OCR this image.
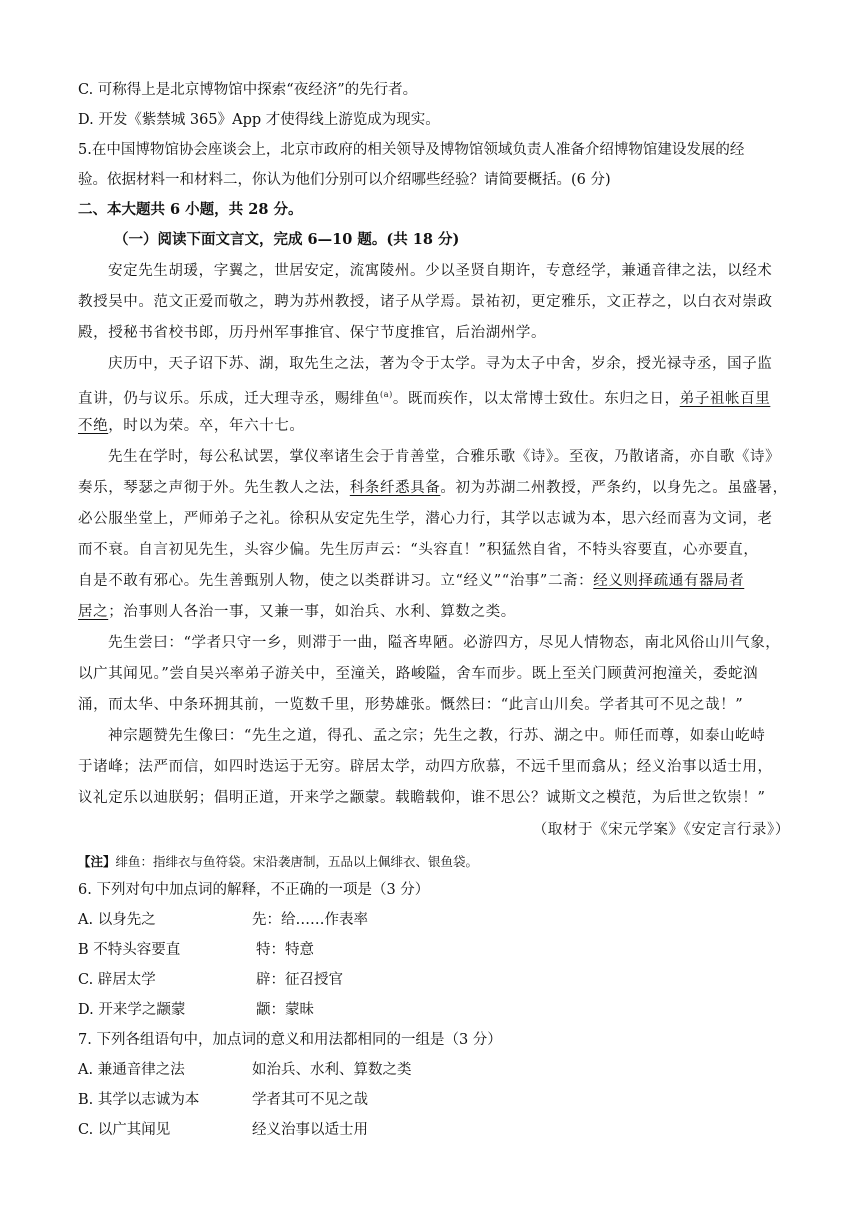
C. 可称得上是北京博物馆中探索“夜经济”的先行者。
D. 开发《紫禁城 365》App 才使得线上游览成为现实。
5.在中国博物馆协会座谈会上，北京市政府的相关领导及博物馆领域负责人准备介绍博物馆建设发展的经
验。依据材料一和材料二，你认为他们分别可以介绍哪些经验？请简要概括。(6 分)
二、本大题共 6 小题，共 28 分。
（一）阅读下面文言文，完成 6—10 题。(共 18 分)
安定先生胡瑗，字翼之，世居安定，流寓陵州。少以圣贤自期许，专意经学，兼通音律之法，以经术
教授吴中。范文正爱而敬之，聘为苏州教授，诸子从学焉。景祐初，更定雅乐，文正荐之，以白衣对崇政
殿，授秘书省校书郎，历丹州军事推官、保宁节度推官，后治湖州学。
庆历中，天子诏下苏、湖，取先生之法，著为令于太学。寻为太子中舍，岁余，授光禄寺丞，国子监
直讲，仍与议乐。乐成，迁大理寺丞，赐绯鱼$^{(a)}$。既而疾作，以太常博士致仕。东归之日，弟子祖帐百里
不绝，时以为荣。卒，年六十七。
先生在学时，每公私试罢，掌仪率诸生会于肯善堂，合雅乐歌《诗》。至夜，乃散诸斋，亦自歌《诗》
奏乐，琴瑟之声彻于外。先生教人之法，科条纤悉具备。初为苏湖二州教授，严条约，以身先之。虽盛暑，
必公服坐堂上，严师弟子之礼。徐积从安定先生学，潜心力行，其学以志诚为本，思六经而喜为文词，老
而不衰。自言初见先生，头容少偏。先生厉声云：“头容直！”积猛然自省，不特头容要直，心亦要直，
自是不敢有邪心。先生善甄别人物，使之以类群讲习。立“经义”“治事”二斋：经义则择疏通有器局者
居之；治事则人各治一事，又兼一事，如治兵、水利、算数之类。
先生尝曰：“学者只守一乡，则滞于一曲，隘吝卑陋。必游四方，尽见人情物态，南北风俗山川气象，
以广其闻见。”尝自吴兴率弟子游关中，至潼关，路峻隘，舍车而步。既上至关门顾黄河抱潼关，委蛇汹
涌，而太华、中条环拥其前，一览数千里，形势雄张。慨然曰：“此言山川矣。学者其可不见之哉！”
神宗题赞先生像曰：“先生之道，得孔、孟之宗；先生之教，行苏、湖之中。师任而尊，如泰山屹峙
于诸峰；法严而信，如四时迭运于无穷。辟居太学，动四方欣慕，不远千里而翕从；经义治事以适士用，
议礼定乐以迪朕躬；倡明正道，开来学之颛蒙。载瞻载仰，谁不思公？诚斯文之模范，为后世之钦崇！”
（取材于《宋元学案》《安定言行录》）
【注】绯鱼：指绯衣与鱼符袋。宋沿袭唐制，五品以上佩绯衣、银鱼袋。
6. 下列对句中加点词的解释，不正确的一项是（3 分）
A. 以身先之	先：给……作表率
B 不特头容要直	特：特意
C. 辟居太学	辟：征召授官
D. 开来学之颛蒙	颛：蒙昧
7. 下列各组语句中，加点词的意义和用法都相同的一组是（3 分）
A. 兼通音律之法	如治兵、水利、算数之类
B. 其学以志诚为本	学者其可不见之哉
C. 以广其闻见	经义治事以适士用
